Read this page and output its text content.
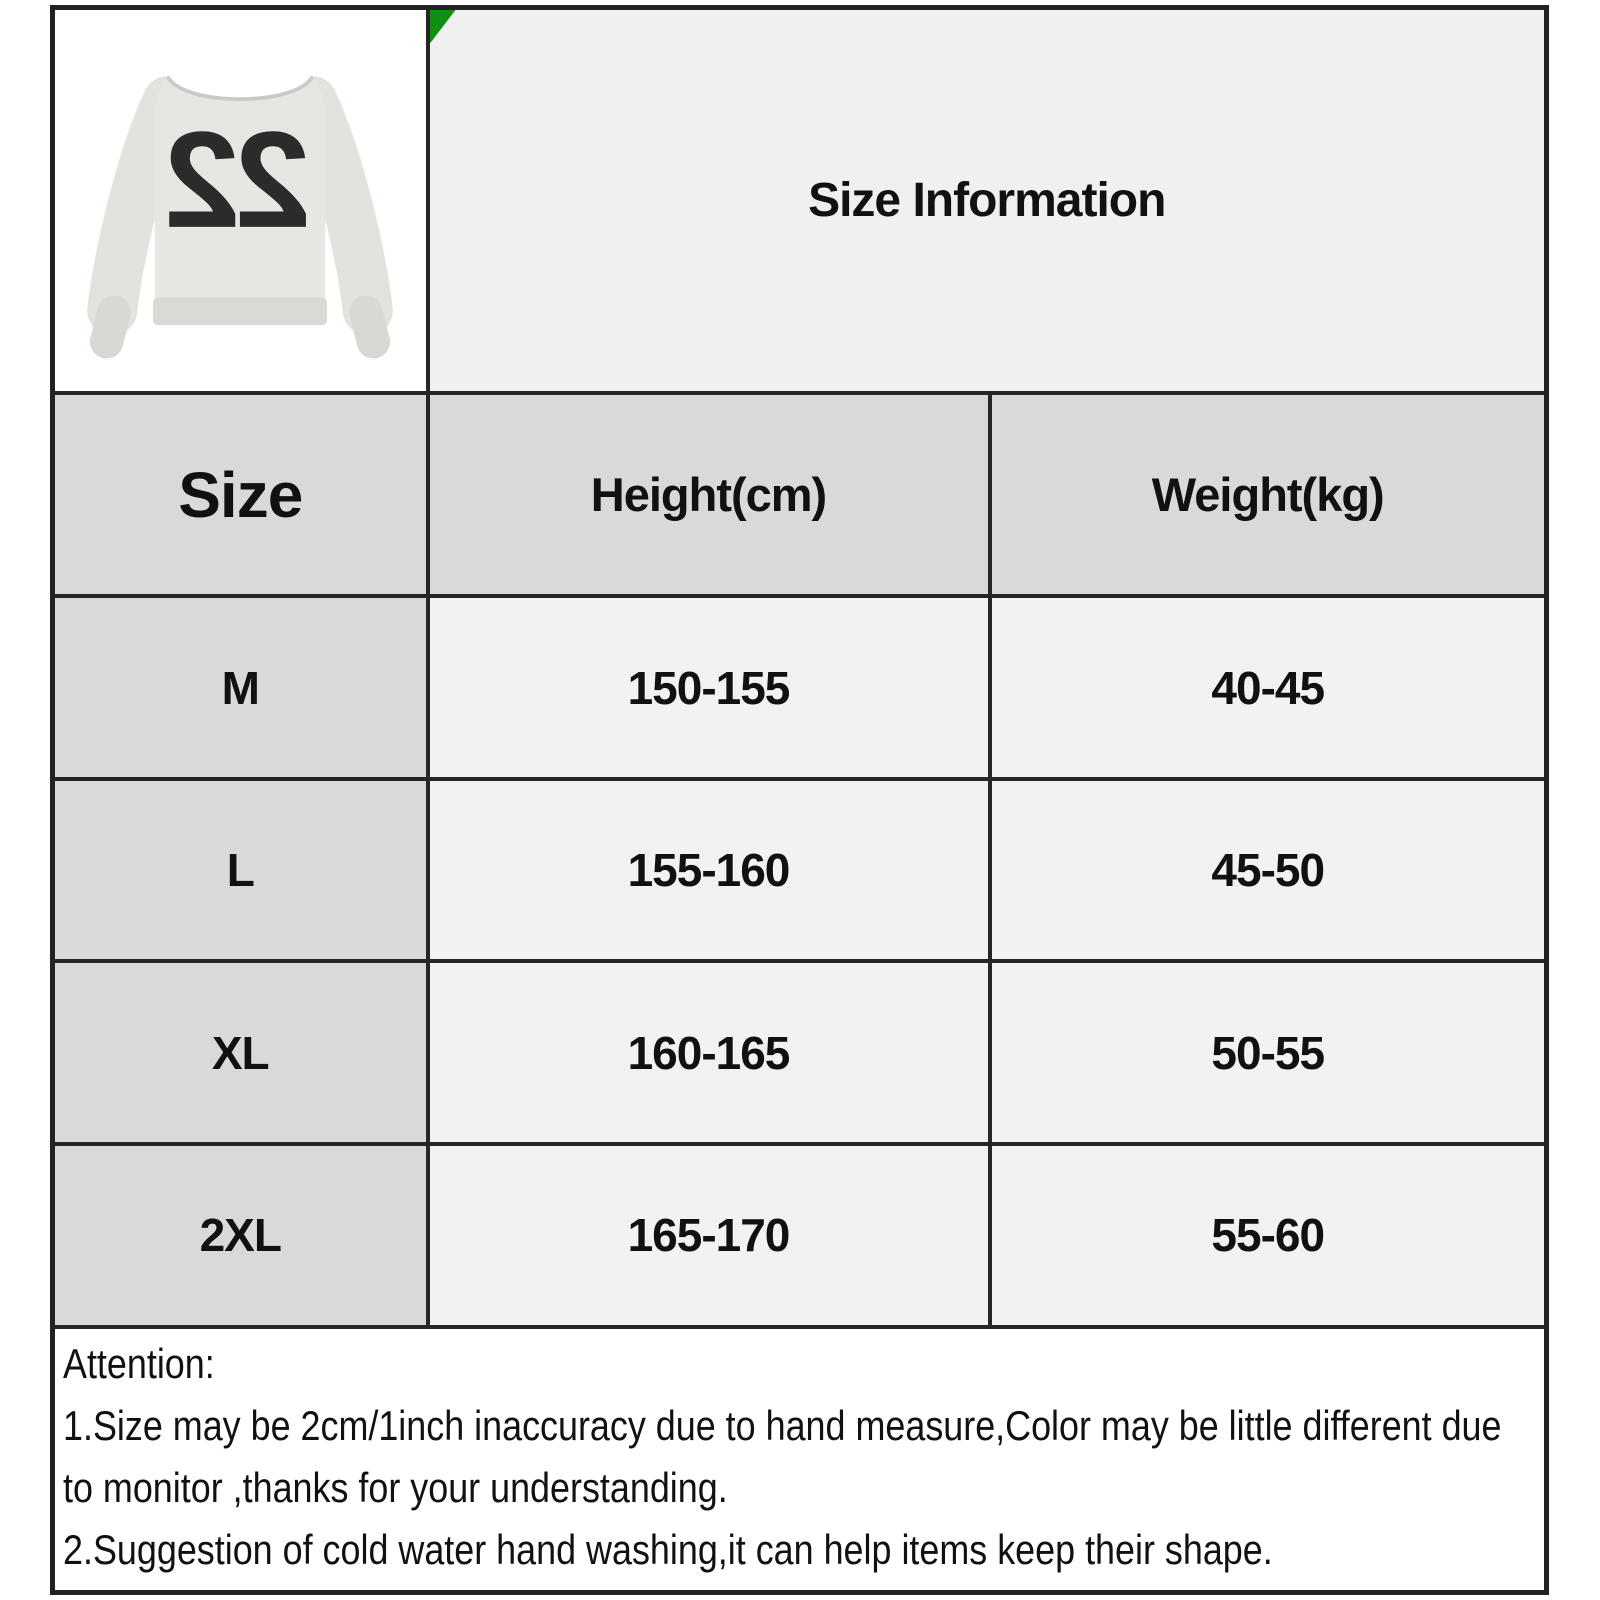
22	Size Information	
Size	Height(cm)	Weight(kg)
M	150-155	40-45
L	155-160	45-50
XL	160-165	50-55
2XL	165-170	55-60

Attention:

1.Size may be 2cm/1inch inaccuracy due to hand measure,Color may be little different due to monitor ,thanks for your understanding.

2.Suggestion of cold water hand washing,it can help items keep their shape.		
